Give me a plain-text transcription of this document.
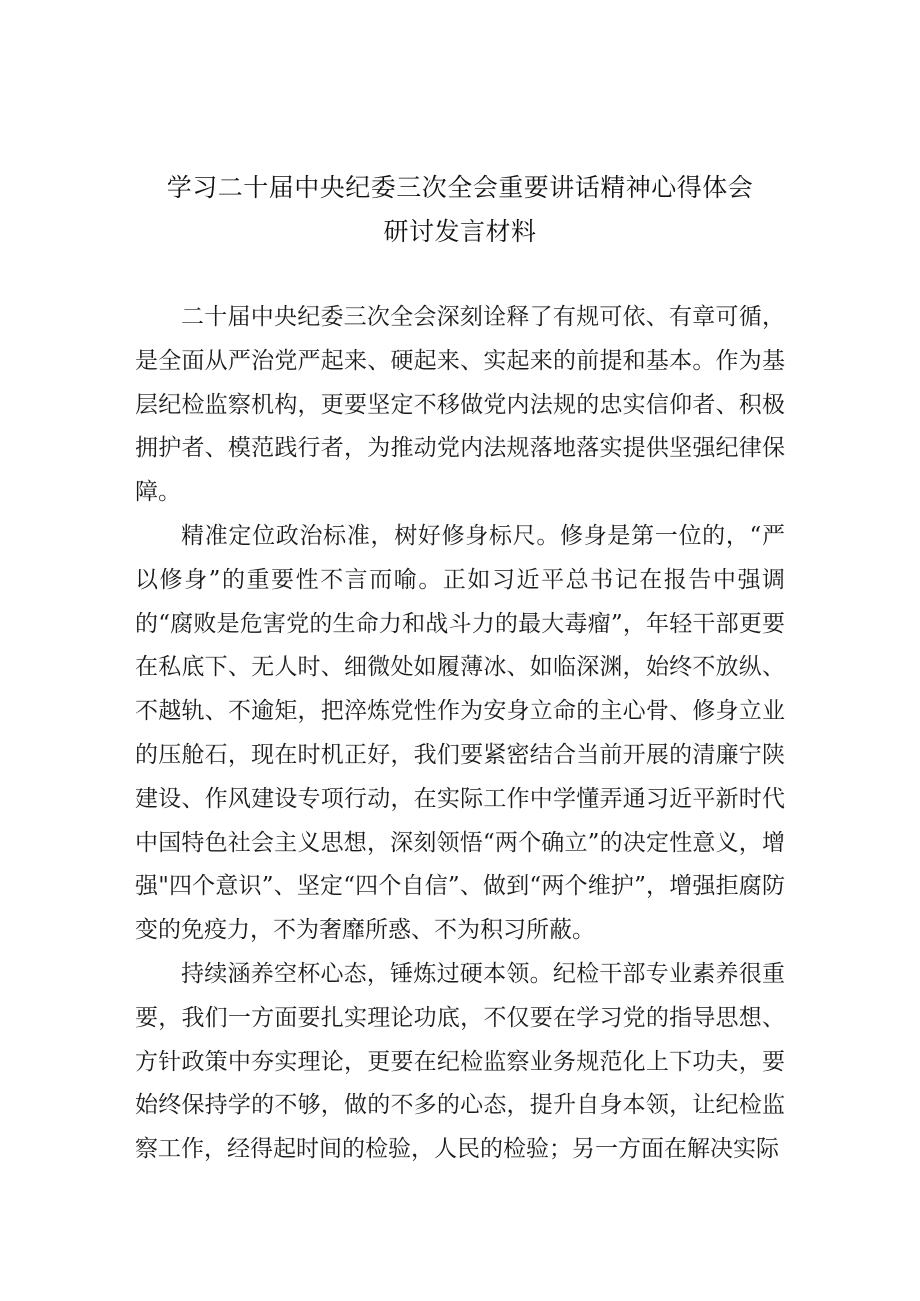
学习二十届中央纪委三次全会重要讲话精神心得体会
研讨发言材料

二十届中央纪委三次全会深刻诠释了有规可依、有章可循，是全面从严治党严起来、硬起来、实起来的前提和基本。作为基层纪检监察机构，更要坚定不移做党内法规的忠实信仰者、积极拥护者、模范践行者，为推动党内法规落地落实提供坚强纪律保障。

精准定位政治标准，树好修身标尺。修身是第一位的，“严以修身”的重要性不言而喻。正如习近平总书记在报告中强调的“腐败是危害党的生命力和战斗力的最大毒瘤”，年轻干部更要在私底下、无人时、细微处如履薄冰、如临深渊，始终不放纵、不越轨、不逾矩，把淬炼党性作为安身立命的主心骨、修身立业的压舱石，现在时机正好，我们要紧密结合当前开展的清廉宁陕建设、作风建设专项行动，在实际工作中学懂弄通习近平新时代中国特色社会主义思想，深刻领悟“两个确立”的决定性意义，增强"四个意识”、坚定“四个自信”、做到“两个维护”，增强拒腐防变的免疫力，不为奢靡所惑、不为积习所蔽。

持续涵养空杯心态，锤炼过硬本领。纪检干部专业素养很重要，我们一方面要扎实理论功底，不仅要在学习党的指导思想、方针政策中夯实理论，更要在纪检监察业务规范化上下功夫，要始终保持学的不够，做的不多的心态，提升自身本领，让纪检监察工作，经得起时间的检验，人民的检验；另一方面在解决实际
